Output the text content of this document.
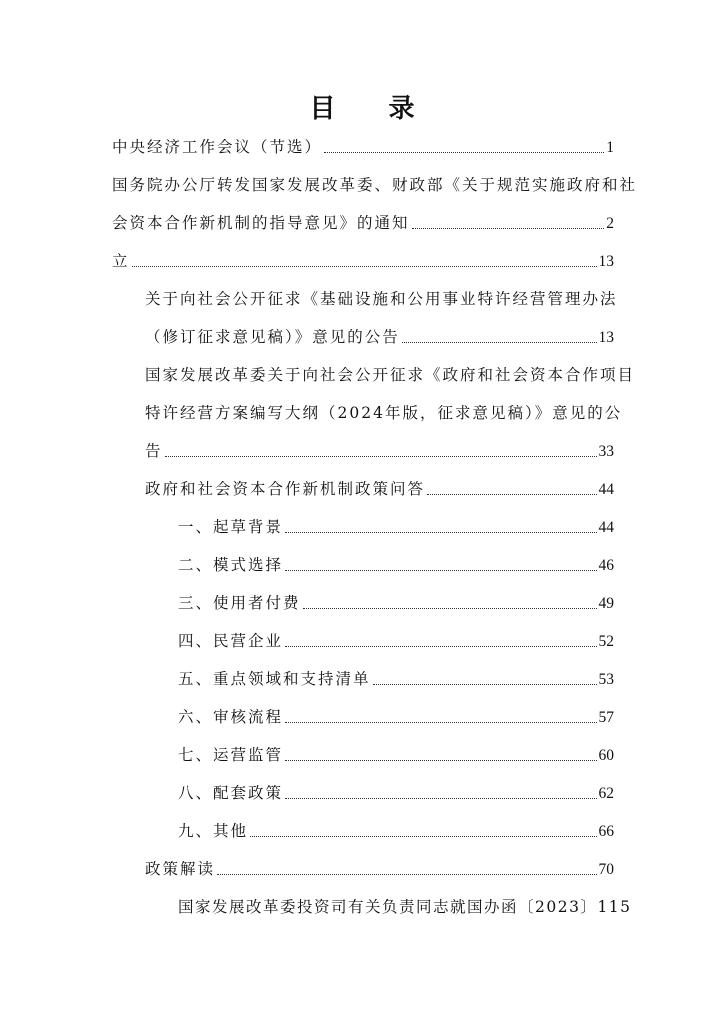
目 录
中央经济工作会议（节选）	1
国务院办公厅转发国家发展改革委、财政部《关于规范实施政府和社
会资本合作新机制的指导意见》的通知	2
立	13
关于向社会公开征求《基础设施和公用事业特许经营管理办法
（修订征求意见稿）》意见的公告	13
国家发展改革委关于向社会公开征求《政府和社会资本合作项目
特许经营方案编写大纲（2024年版，征求意见稿）》意见的公
告	33
政府和社会资本合作新机制政策问答	44
一、起草背景	44
二、模式选择	46
三、使用者付费	49
四、民营企业	52
五、重点领域和支持清单	53
六、审核流程	57
七、运营监管	60
八、配套政策	62
九、其他	66
政策解读	70
国家发展改革委投资司有关负责同志就国办函〔2023〕115
